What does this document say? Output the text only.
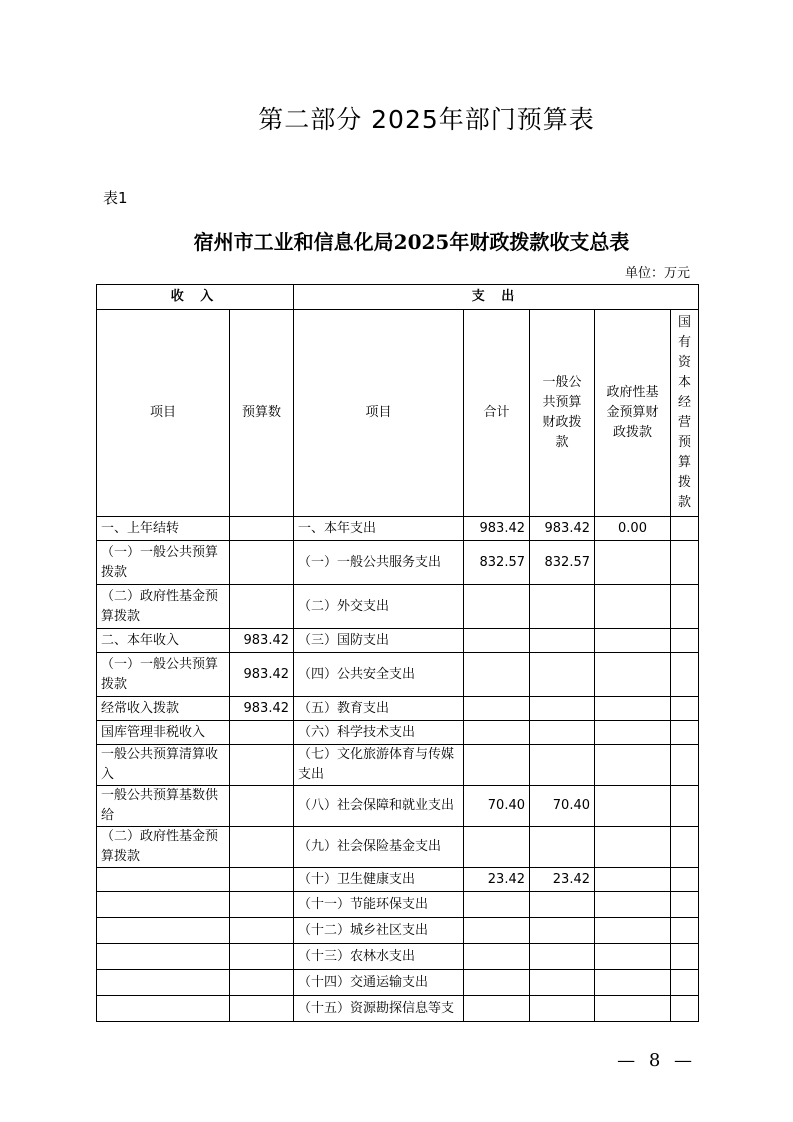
第二部分 2025年部门预算表
表1
宿州市工业和信息化局2025年财政拨款收支总表
单位：万元
收 入		支 出				
项目	预算数	项目	合计	一般公共预算财政拨款	政府性基金预算财政拨款	国有资本经营预算拨款

一、上年结转		一、本年支出	983.42	983.42	0.00	
（一）一般公共预算拨款		（一）一般公共服务支出	832.57	832.57		
（二）政府性基金预算拨款		（二）外交支出				
二、本年收入	983.42	（三）国防支出				
（一）一般公共预算拨款	983.42	（四）公共安全支出				
经常收入拨款	983.42	（五）教育支出				
国库管理非税收入		（六）科学技术支出				
一般公共预算清算收入		（七）文化旅游体育与传媒支出				
一般公共预算基数供给		（八）社会保障和就业支出	70.40	70.40		
（二）政府性基金预算拨款		（九）社会保险基金支出				
		（十）卫生健康支出	23.42	23.42		
		（十一）节能环保支出				
		（十二）城乡社区支出				
		（十三）农林水支出				
		（十四）交通运输支出				
		（十五）资源勘探信息等支				
— 8 —
